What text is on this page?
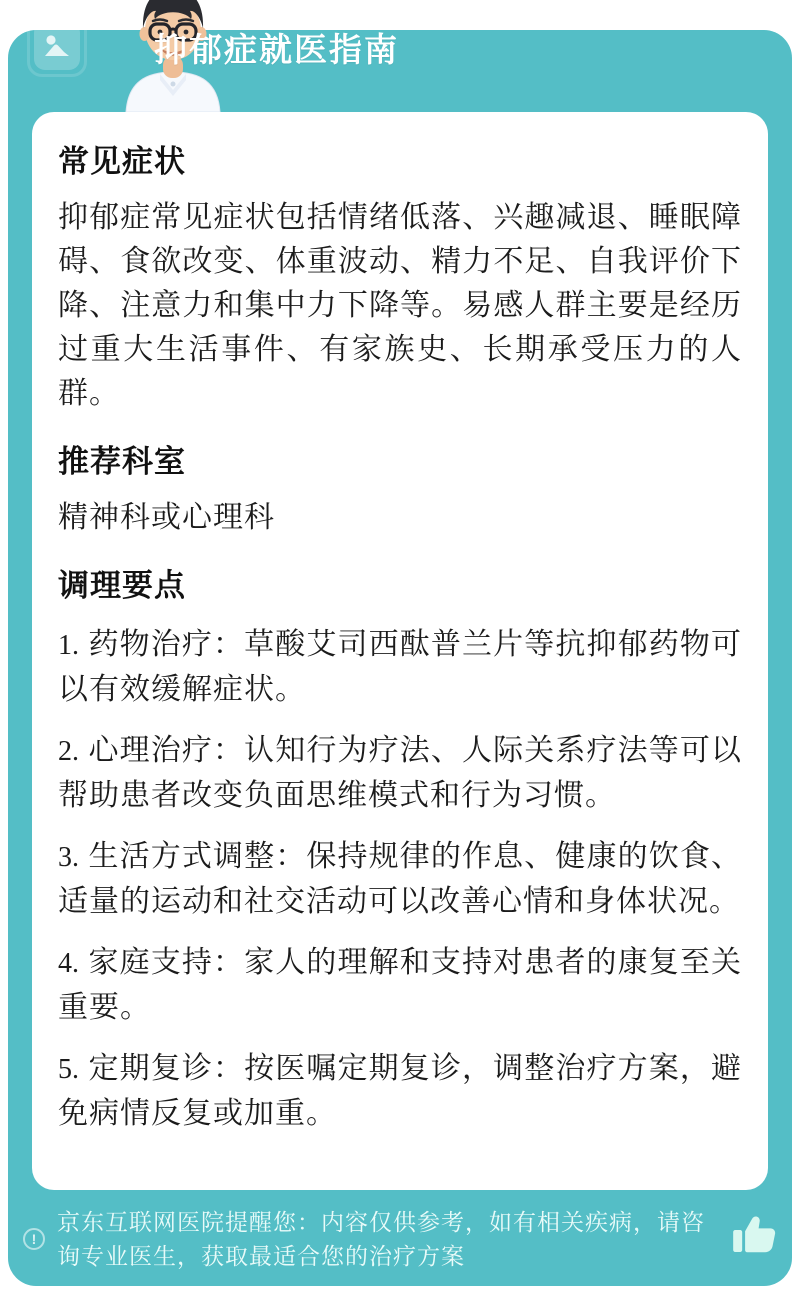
抑郁症就医指南
常见症状

抑郁症常见症状包括情绪低落、兴趣减退、睡眠障碍、食欲改变、体重波动、精力不足、自我评价下降、注意力和集中力下降等。易感人群主要是经历过重大生活事件、有家族史、长期承受压力的人群。

推荐科室

精神科或心理科

调理要点

1. 药物治疗：草酸艾司西酞普兰片等抗抑郁药物可以有效缓解症状。

2. 心理治疗：认知行为疗法、人际关系疗法等可以帮助患者改变负面思维模式和行为习惯。

3. 生活方式调整：保持规律的作息、健康的饮食、适量的运动和社交活动可以改善心情和身体状况。

4. 家庭支持：家人的理解和支持对患者的康复至关重要。

5. 定期复诊：按医嘱定期复诊，调整治疗方案，避免病情反复或加重。

!
京东互联网医院提醒您：内容仅供参考，如有相关疾病，请咨询专业医生，获取最适合您的治疗方案
